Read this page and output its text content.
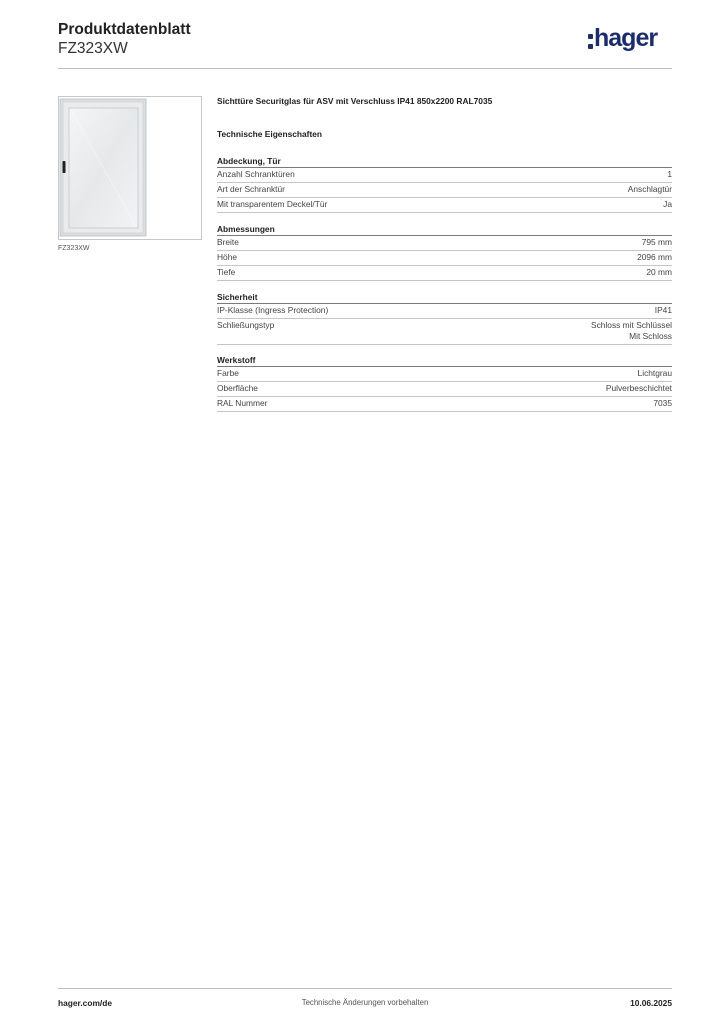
Produktdatenblatt
FZ323XW	hager
FZ323XW
Sichttüre Securitglas für ASV mit Verschluss IP41 850x2200 RAL7035
Technische Eigenschaften
Abdeckung, Tür
Anzahl Schranktüren	1
Art der Schranktür	Anschlagtür
Mit transparentem Deckel/Tür	Ja
Abmessungen
Breite	795 mm
Höhe	2096 mm
Tiefe	20 mm
Sicherheit
IP-Klasse (Ingress Protection)	IP41
Schließungstyp	Schloss mit Schlüssel
Mit Schloss
Werkstoff
Farbe	Lichtgrau
Oberfläche	Pulverbeschichtet
RAL Nummer	7035
hager.com/de	Technische Änderungen vorbehalten	10.06.2025
